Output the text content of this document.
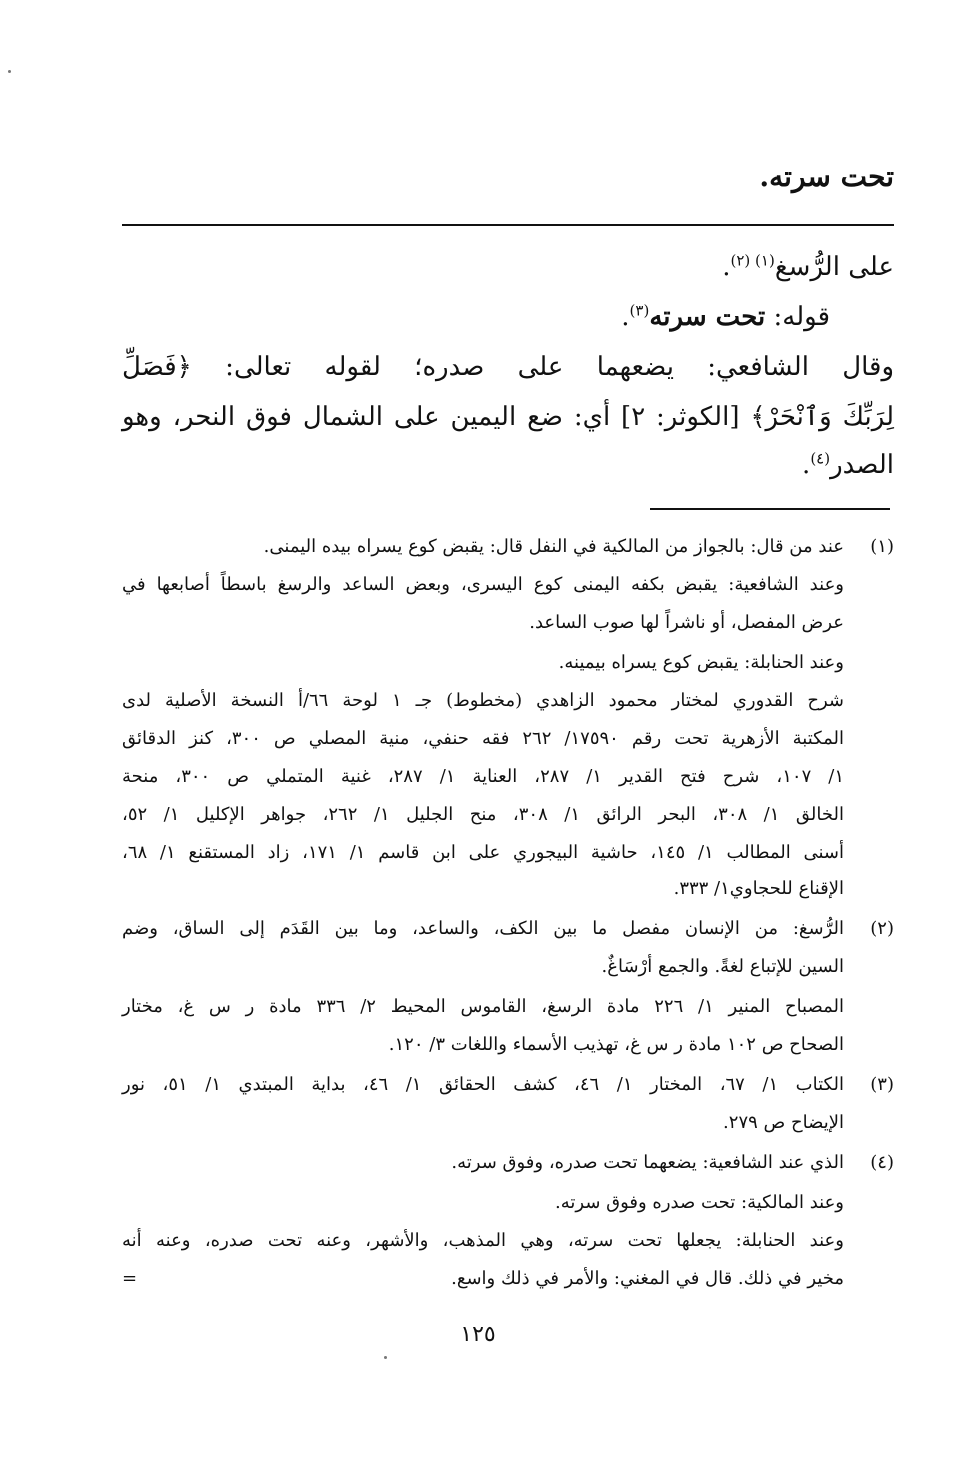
تحت سرته.
على الرُّسغ$^{(١) (٢)}$.
قوله: تحت سرته$^{(٣)}$.
وقال الشافعي: يضعهما على صدره؛ لقوله تعالى: ﴿فَصَلِّ
لِرَبِّكَ وَٱنْحَرْ﴾ [الكوثر: ٢] أي: ضع اليمين على الشمال فوق النحر، وهو
الصدر$^{(٤)}$.
(١)
عند من قال: بالجواز من المالكية في النفل قال: يقبض كوع يسراه بيده اليمنى.
وعند الشافعية: يقبض بكفه اليمنى كوع اليسرى، وبعض الساعد والرسغ باسطاً أصابعها في
عرض المفصل، أو ناشراً لها صوب الساعد.
وعند الحنابلة: يقبض كوع يسراه بيمينه.
شرح القدوري لمختار محمود الزاهدي (مخطوط) جـ ١ لوحة ٦٦/أ النسخة الأصلية لدى
المكتبة الأزهرية تحت رقم ١٧٥٩٠/ ٢٦٢ فقه حنفي، منية المصلي ص ٣٠٠، كنز الدقائق
١/ ١٠٧، شرح فتح القدير ١/ ٢٨٧، العناية ١/ ٢٨٧، غنية المتملي ص ٣٠٠، منحة
الخالق ١/ ٣٠٨، البحر الرائق ١/ ٣٠٨، منح الجليل ١/ ٢٦٢، جواهر الإكليل ١/ ٥٢،
أسنى المطالب ١/ ١٤٥، حاشية البيجوري على ابن قاسم ١/ ١٧١، زاد المستقنع ١/ ٦٨،
الإقناع للحجاوي١/ ٣٣٣.
(٢)
الرُّسغ: من الإنسان مفصل ما بين الكف، والساعد، وما بين القَدَم إلى الساق، وضم
السين للإتباع لغةً. والجمع أرْسَاغٌ.
المصباح المنير ١/ ٢٢٦ مادة الرسغ، القاموس المحيط ٢/ ٣٣٦ مادة ر س غ، مختار
الصحاح ص ١٠٢ مادة ر س غ، تهذيب الأسماء واللغات ٣/ ١٢٠.
(٣)
الكتاب ١/ ٦٧، المختار ١/ ٤٦، كشف الحقائق ١/ ٤٦، بداية المبتدي ١/ ٥١، نور
الإيضاح ص ٢٧٩.
(٤)
الذي عند الشافعية: يضعهما تحت صدره، وفوق سرته.
وعند المالكية: تحت صدره وفوق سرته.
وعند الحنابلة: يجعلها تحت سرته، وهي المذهب، والأشهر، وعنه تحت صدره، وعنه أنه
مخير في ذلك. قال في المغني: والأمر في ذلك واسع.
=
١٢٥
